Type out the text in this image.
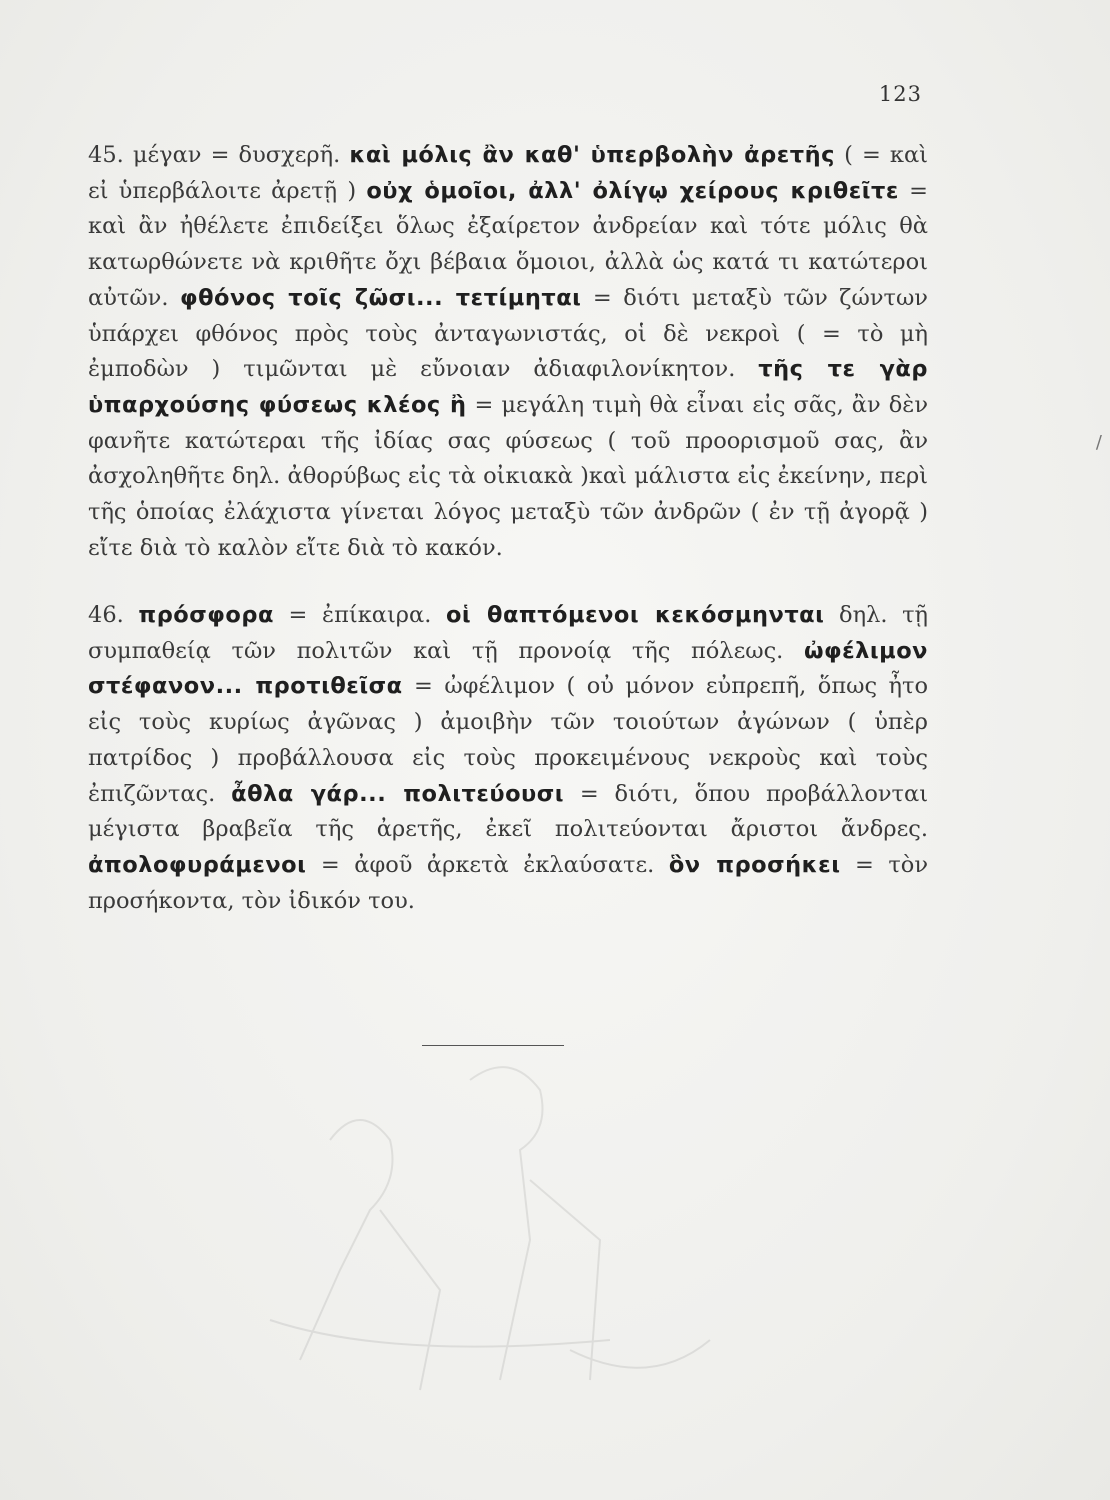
123

45. μέγαν = δυσχερῆ. καὶ μόλις ἂν καθ' ὑπερβολὴν ἀρετῆς ( = καὶ εἰ ὑπερβάλοιτε ἀρετῇ ) οὐχ ὁμοῖοι, ἀλλ' ὀλίγῳ χείρους κριθεῖτε = καὶ ἂν ἠθέλετε ἐπιδείξει ὅλως ἐξαίρετον ἀνδρείαν καὶ τότε μόλις θὰ κατωρθώνετε νὰ κριθῆτε ὄχι βέβαια ὅμοιοι, ἀλλὰ ὡς κατά τι κατώτεροι αὐτῶν. φθόνος τοῖς ζῶσι... τετίμηται = διότι μεταξὺ τῶν ζώντων ὑπάρχει φθόνος πρὸς τοὺς ἀνταγωνιστάς, οἱ δὲ νεκροὶ ( = τὸ μὴ ἐμποδὼν ) τιμῶνται μὲ εὔνοιαν ἀδιαφιλονίκητον. τῆς τε γὰρ ὑπαρχούσης φύσεως κλέος ἢ = μεγάλη τιμὴ θὰ εἶναι εἰς σᾶς, ἂν δὲν φανῆτε κατώτεραι τῆς ἰδίας σας φύσεως ( τοῦ προορισμοῦ σας, ἂν ἀσχοληθῆτε δηλ. ἀθορύβως εἰς τὰ οἰκιακὰ )καὶ μάλιστα εἰς ἐκείνην, περὶ τῆς ὁποίας ἐλάχιστα γίνεται λόγος μεταξὺ τῶν ἀνδρῶν ( ἐν τῇ ἀγορᾷ ) εἴτε διὰ τὸ καλὸν εἴτε διὰ τὸ κακόν.

46. πρόσφορα = ἐπίκαιρα. οἱ θαπτόμενοι κεκόσμηνται δηλ. τῇ συμπαθείᾳ τῶν πολιτῶν καὶ τῇ προνοίᾳ τῆς πόλεως. ὠφέλιμον στέφανον... προτιθεῖσα = ὠφέλιμον ( οὐ μόνον εὐπρεπῆ, ὅπως ἦτο εἰς τοὺς κυρίως ἀγῶνας ) ἀμοιβὴν τῶν τοιούτων ἀγώνων ( ὑπὲρ πατρίδος ) προβάλλουσα εἰς τοὺς προκειμένους νεκροὺς καὶ τοὺς ἐπιζῶντας. ἆθλα γάρ... πολιτεύουσι = διότι, ὅπου προβάλλονται μέγιστα βραβεῖα τῆς ἀρετῆς, ἐκεῖ πολιτεύονται ἄριστοι ἄνδρες. ἀπολοφυράμενοι = ἀφοῦ ἀρκετὰ ἐκλαύσατε. ὃν προσήκει = τὸν προσήκοντα, τὸν ἰδικόν του.

/
